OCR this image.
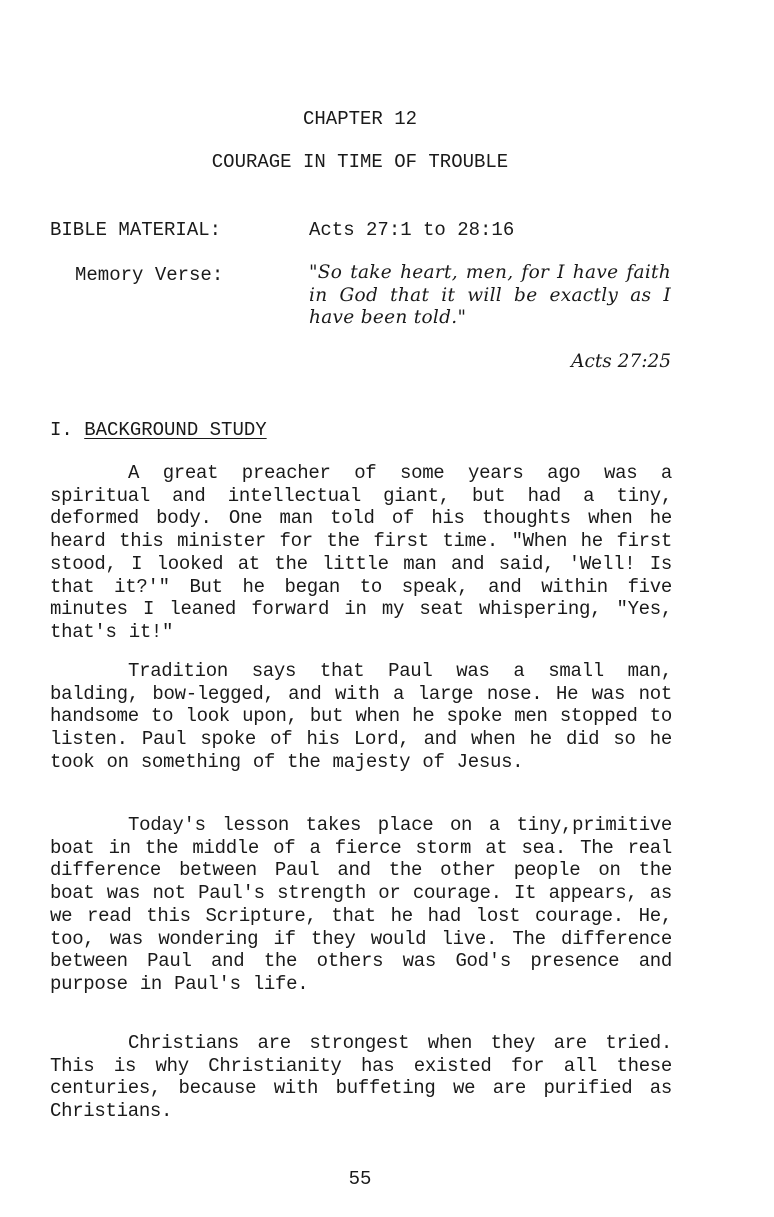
CHAPTER 12
COURAGE IN TIME OF TROUBLE
BIBLE MATERIAL:	Acts 27:1 to 28:16
Memory Verse:	"So take heart, men, for I have faith in God that it will be exactly as I have been told."
Acts 27:25
I. BACKGROUND STUDY

A great preacher of some years ago was a spiritual and intellectual giant, but had a tiny, deformed body. One man told of his thoughts when he heard this minister for the first time. "When he first stood, I looked at the little man and said, 'Well! Is that it?'" But he began to speak, and within five minutes I leaned forward in my seat whispering, "Yes, that's it!"

Tradition says that Paul was a small man, balding, bow-legged, and with a large nose. He was not handsome to look upon, but when he spoke men stopped to listen. Paul spoke of his Lord, and when he did so he took on something of the majesty of Jesus.

Today's lesson takes place on a tiny,primitive boat in the middle of a fierce storm at sea. The real difference between Paul and the other people on the boat was not Paul's strength or courage. It appears, as we read this Scripture, that he had lost courage. He, too, was wondering if they would live. The difference between Paul and the others was God's presence and purpose in Paul's life.

Christians are strongest when they are tried. This is why Christianity has existed for all these centuries, because with buffeting we are purified as Christians.

55
